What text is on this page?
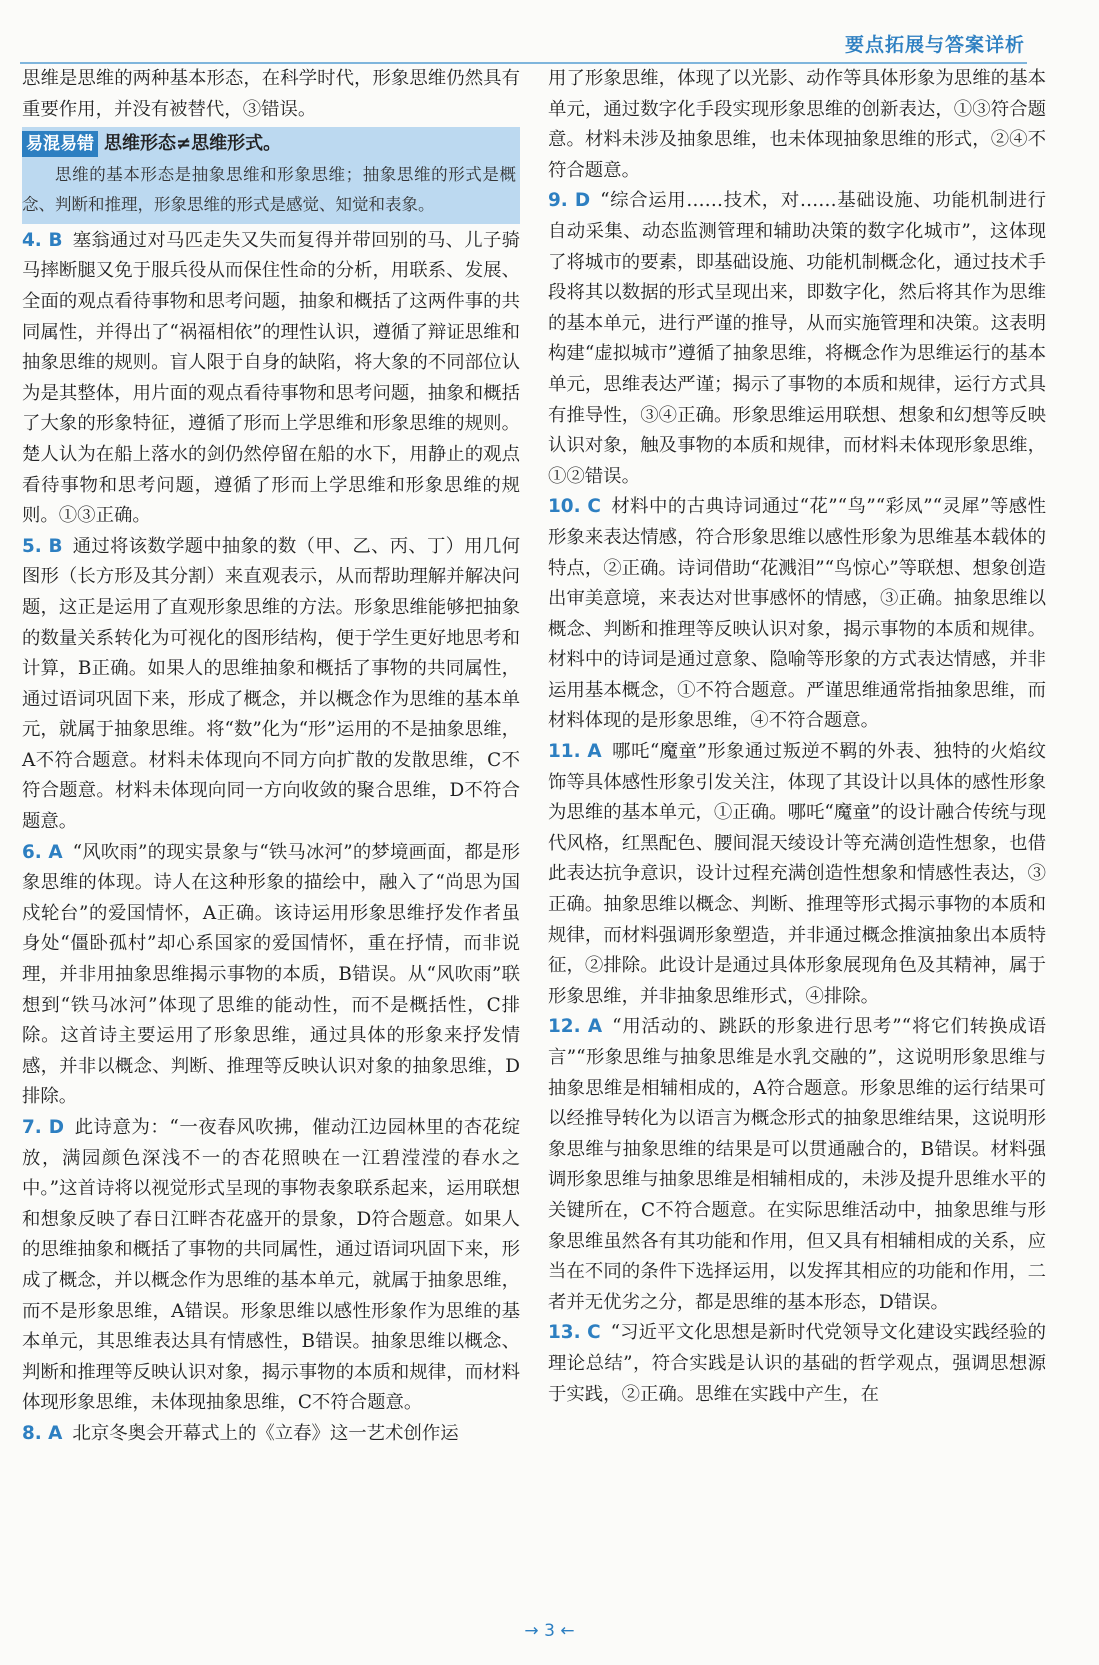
要点拓展与答案详析

思维是思维的两种基本形态，在科学时代，形象思维仍然具有重要作用，并没有被替代，③错误。

易混易错 思维形态≠思维形式。
思维的基本形态是抽象思维和形象思维；抽象思维的形式是概念、判断和推理，形象思维的形式是感觉、知觉和表象。

4. B 塞翁通过对马匹走失又失而复得并带回别的马、儿子骑马摔断腿又免于服兵役从而保住性命的分析，用联系、发展、全面的观点看待事物和思考问题，抽象和概括了这两件事的共同属性，并得出了“祸福相依”的理性认识，遵循了辩证思维和抽象思维的规则。盲人限于自身的缺陷，将大象的不同部位认为是其整体，用片面的观点看待事物和思考问题，抽象和概括了大象的形象特征，遵循了形而上学思维和形象思维的规则。楚人认为在船上落水的剑仍然停留在船的水下，用静止的观点看待事物和思考问题，遵循了形而上学思维和形象思维的规则。①③正确。

5. B 通过将该数学题中抽象的数（甲、乙、丙、丁）用几何图形（长方形及其分割）来直观表示，从而帮助理解并解决问题，这正是运用了直观形象思维的方法。形象思维能够把抽象的数量关系转化为可视化的图形结构，便于学生更好地思考和计算，B正确。如果人的思维抽象和概括了事物的共同属性，通过语词巩固下来，形成了概念，并以概念作为思维的基本单元，就属于抽象思维。将“数”化为“形”运用的不是抽象思维，A不符合题意。材料未体现向不同方向扩散的发散思维，C不符合题意。材料未体现向同一方向收敛的聚合思维，D不符合题意。

6. A “风吹雨”的现实景象与“铁马冰河”的梦境画面，都是形象思维的体现。诗人在这种形象的描绘中，融入了“尚思为国戍轮台”的爱国情怀，A正确。该诗运用形象思维抒发作者虽身处“僵卧孤村”却心系国家的爱国情怀，重在抒情，而非说理，并非用抽象思维揭示事物的本质，B错误。从“风吹雨”联想到“铁马冰河”体现了思维的能动性，而不是概括性，C排除。这首诗主要运用了形象思维，通过具体的形象来抒发情感，并非以概念、判断、推理等反映认识对象的抽象思维，D排除。

7. D 此诗意为：“一夜春风吹拂，催动江边园林里的杏花绽放，满园颜色深浅不一的杏花照映在一江碧滢滢的春水之中。”这首诗将以视觉形式呈现的事物表象联系起来，运用联想和想象反映了春日江畔杏花盛开的景象，D符合题意。如果人的思维抽象和概括了事物的共同属性，通过语词巩固下来，形成了概念，并以概念作为思维的基本单元，就属于抽象思维，而不是形象思维，A错误。形象思维以感性形象作为思维的基本单元，其思维表达具有情感性，B错误。抽象思维以概念、判断和推理等反映认识对象，揭示事物的本质和规律，而材料体现形象思维，未体现抽象思维，C不符合题意。

8. A 北京冬奥会开幕式上的《立春》这一艺术创作运

用了形象思维，体现了以光影、动作等具体形象为思维的基本单元，通过数字化手段实现形象思维的创新表达，①③符合题意。材料未涉及抽象思维，也未体现抽象思维的形式，②④不符合题意。

9. D “综合运用……技术，对……基础设施、功能机制进行自动采集、动态监测管理和辅助决策的数字化城市”，这体现了将城市的要素，即基础设施、功能机制概念化，通过技术手段将其以数据的形式呈现出来，即数字化，然后将其作为思维的基本单元，进行严谨的推导，从而实施管理和决策。这表明构建“虚拟城市”遵循了抽象思维，将概念作为思维运行的基本单元，思维表达严谨；揭示了事物的本质和规律，运行方式具有推导性，③④正确。形象思维运用联想、想象和幻想等反映认识对象，触及事物的本质和规律，而材料未体现形象思维，①②错误。

10. C 材料中的古典诗词通过“花”“鸟”“彩凤”“灵犀”等感性形象来表达情感，符合形象思维以感性形象为思维基本载体的特点，②正确。诗词借助“花溅泪”“鸟惊心”等联想、想象创造出审美意境，来表达对世事感怀的情感，③正确。抽象思维以概念、判断和推理等反映认识对象，揭示事物的本质和规律。材料中的诗词是通过意象、隐喻等形象的方式表达情感，并非运用基本概念，①不符合题意。严谨思维通常指抽象思维，而材料体现的是形象思维，④不符合题意。

11. A 哪吒“魔童”形象通过叛逆不羁的外表、独特的火焰纹饰等具体感性形象引发关注，体现了其设计以具体的感性形象为思维的基本单元，①正确。哪吒“魔童”的设计融合传统与现代风格，红黑配色、腰间混天绫设计等充满创造性想象，也借此表达抗争意识，设计过程充满创造性想象和情感性表达，③正确。抽象思维以概念、判断、推理等形式揭示事物的本质和规律，而材料强调形象塑造，并非通过概念推演抽象出本质特征，②排除。此设计是通过具体形象展现角色及其精神，属于形象思维，并非抽象思维形式，④排除。

12. A “用活动的、跳跃的形象进行思考”“将它们转换成语言”“形象思维与抽象思维是水乳交融的”，这说明形象思维与抽象思维是相辅相成的，A符合题意。形象思维的运行结果可以经推导转化为以语言为概念形式的抽象思维结果，这说明形象思维与抽象思维的结果是可以贯通融合的，B错误。材料强调形象思维与抽象思维是相辅相成的，未涉及提升思维水平的关键所在，C不符合题意。在实际思维活动中，抽象思维与形象思维虽然各有其功能和作用，但又具有相辅相成的关系，应当在不同的条件下选择运用，以发挥其相应的功能和作用，二者并无优劣之分，都是思维的基本形态，D错误。

13. C “习近平文化思想是新时代党领导文化建设实践经验的理论总结”，符合实践是认识的基础的哲学观点，强调思想源于实践，②正确。思维在实践中产生，在

→ 3 ←
